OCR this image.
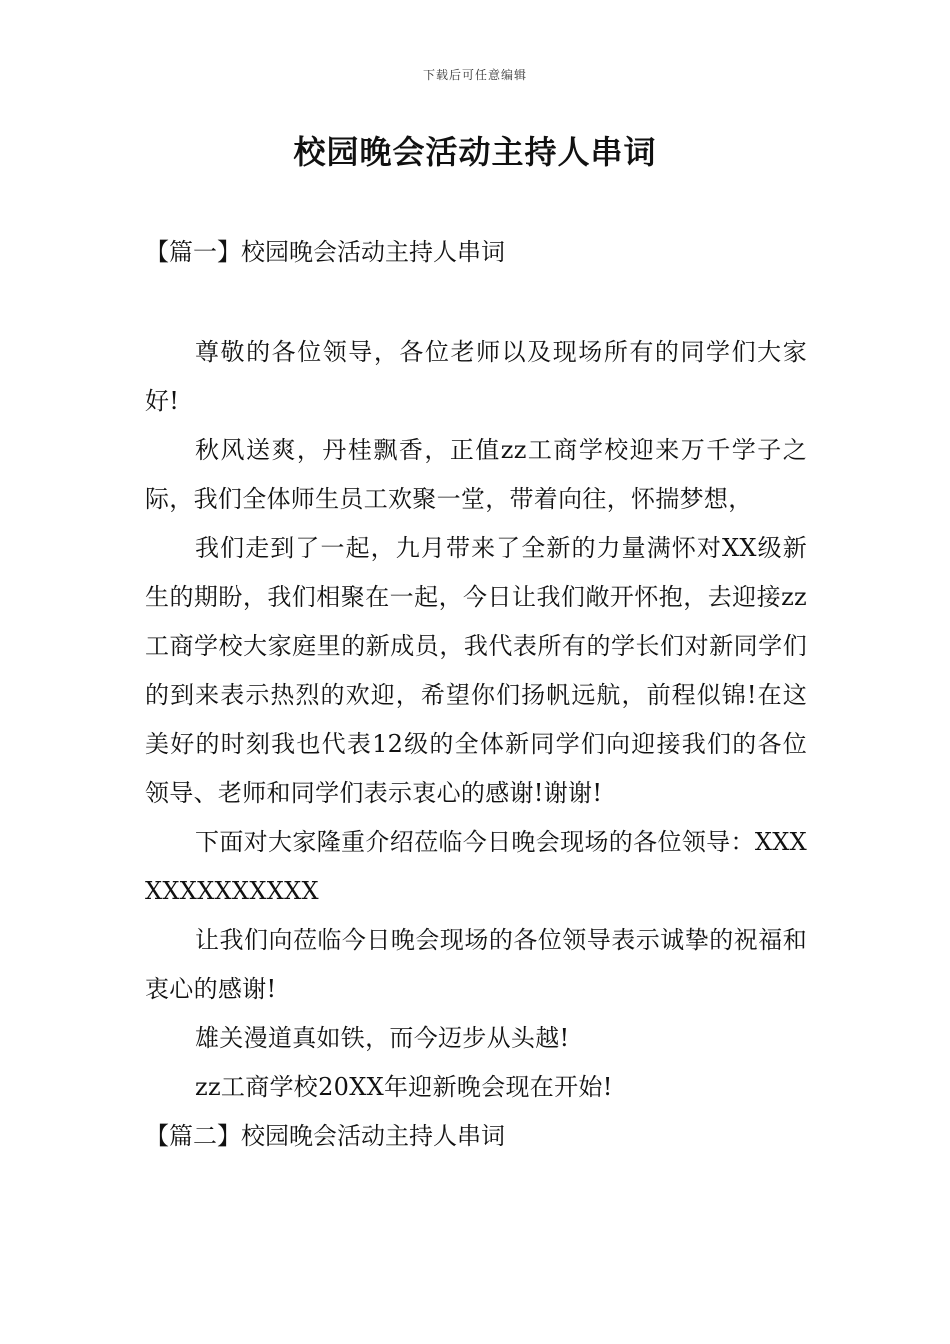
下载后可任意编辑
校园晚会活动主持人串词

【篇一】校园晚会活动主持人串词

尊敬的各位领导，各位老师以及现场所有的同学们大家好!

秋风送爽，丹桂飘香，正值zz工商学校迎来万千学子之际，我们全体师生员工欢聚一堂，带着向往，怀揣梦想，

我们走到了一起，九月带来了全新的力量满怀对XX级新生的期盼，我们相聚在一起，今日让我们敞开怀抱，去迎接zz工商学校大家庭里的新成员，我代表所有的学长们对新同学们的到来表示热烈的欢迎，希望你们扬帆远航，前程似锦!在这美好的时刻我也代表12级的全体新同学们向迎接我们的各位领导、老师和同学们表示衷心的感谢!谢谢!

下面对大家隆重介绍莅临今日晚会现场的各位领导：XXXXXXXXXXXXX

让我们向莅临今日晚会现场的各位领导表示诚挚的祝福和衷心的感谢!

雄关漫道真如铁，而今迈步从头越!

zz工商学校20XX年迎新晚会现在开始!

【篇二】校园晚会活动主持人串词
